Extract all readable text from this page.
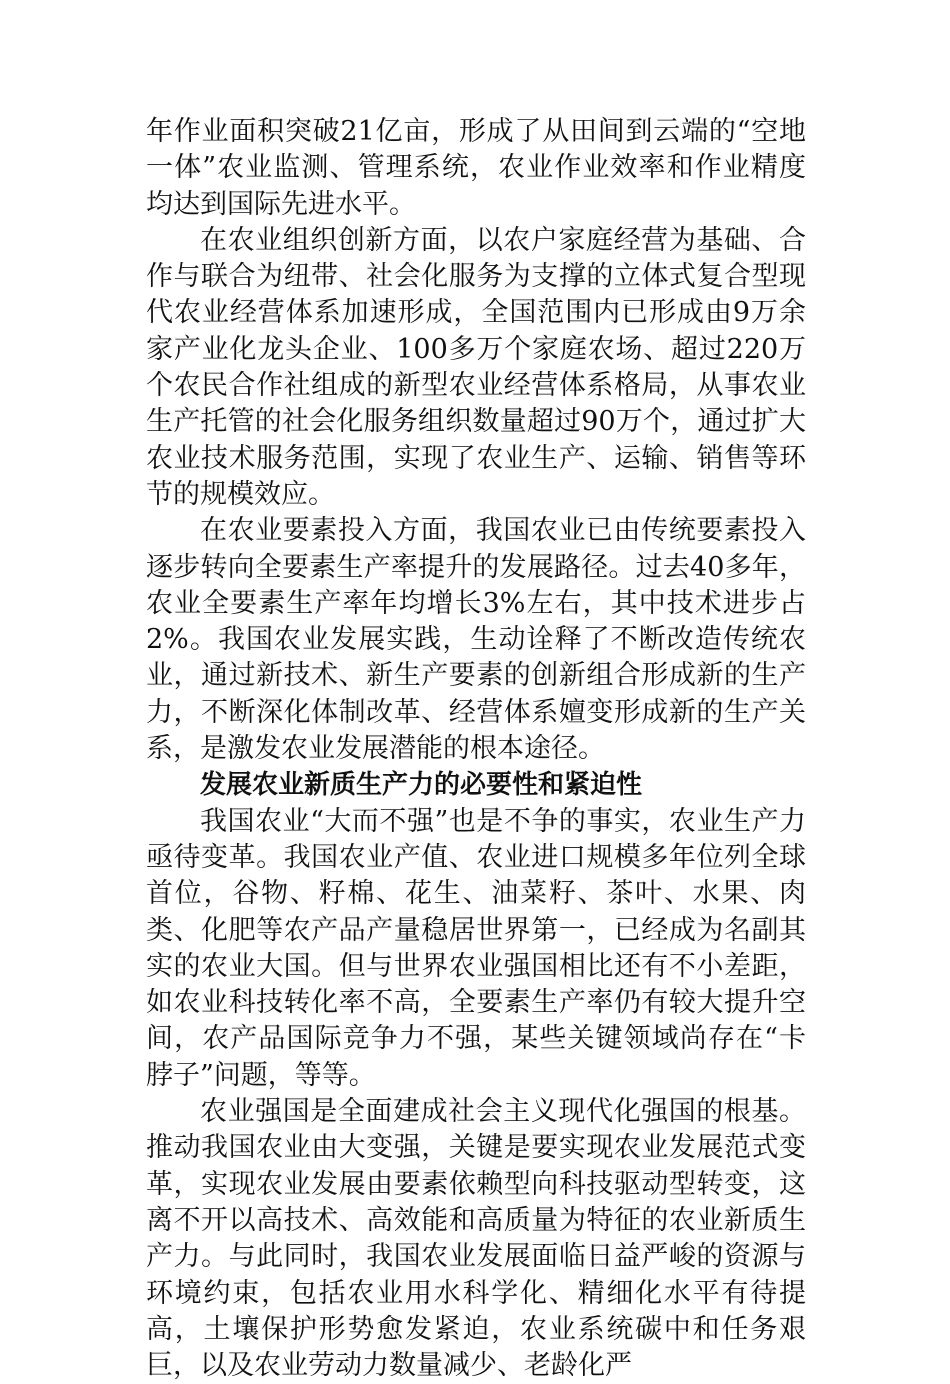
年作业面积突破21亿亩，形成了从田间到云端的“空地一体”农业监测、管理系统，农业作业效率和作业精度均达到国际先进水平。

在农业组织创新方面，以农户家庭经营为基础、合作与联合为纽带、社会化服务为支撑的立体式复合型现代农业经营体系加速形成，全国范围内已形成由9万余家产业化龙头企业、100多万个家庭农场、超过220万个农民合作社组成的新型农业经营体系格局，从事农业生产托管的社会化服务组织数量超过90万个，通过扩大农业技术服务范围，实现了农业生产、运输、销售等环节的规模效应。

在农业要素投入方面，我国农业已由传统要素投入逐步转向全要素生产率提升的发展路径。过去40多年，农业全要素生产率年均增长3%左右，其中技术进步占2%。我国农业发展实践，生动诠释了不断改造传统农业，通过新技术、新生产要素的创新组合形成新的生产力，不断深化体制改革、经营体系嬗变形成新的生产关系，是激发农业发展潜能的根本途径。

发展农业新质生产力的必要性和紧迫性

我国农业“大而不强”也是不争的事实，农业生产力亟待变革。我国农业产值、农业进口规模多年位列全球首位，谷物、籽棉、花生、油菜籽、茶叶、水果、肉类、化肥等农产品产量稳居世界第一，已经成为名副其实的农业大国。但与世界农业强国相比还有不小差距，如农业科技转化率不高，全要素生产率仍有较大提升空间，农产品国际竞争力不强，某些关键领域尚存在“卡脖子”问题，等等。

农业强国是全面建成社会主义现代化强国的根基。推动我国农业由大变强，关键是要实现农业发展范式变革，实现农业发展由要素依赖型向科技驱动型转变，这离不开以高技术、高效能和高质量为特征的农业新质生产力。与此同时，我国农业发展面临日益严峻的资源与环境约束，包括农业用水科学化、精细化水平有待提高，土壤保护形势愈发紧迫，农业系统碳中和任务艰巨，以及农业劳动力数量减少、老龄化严
